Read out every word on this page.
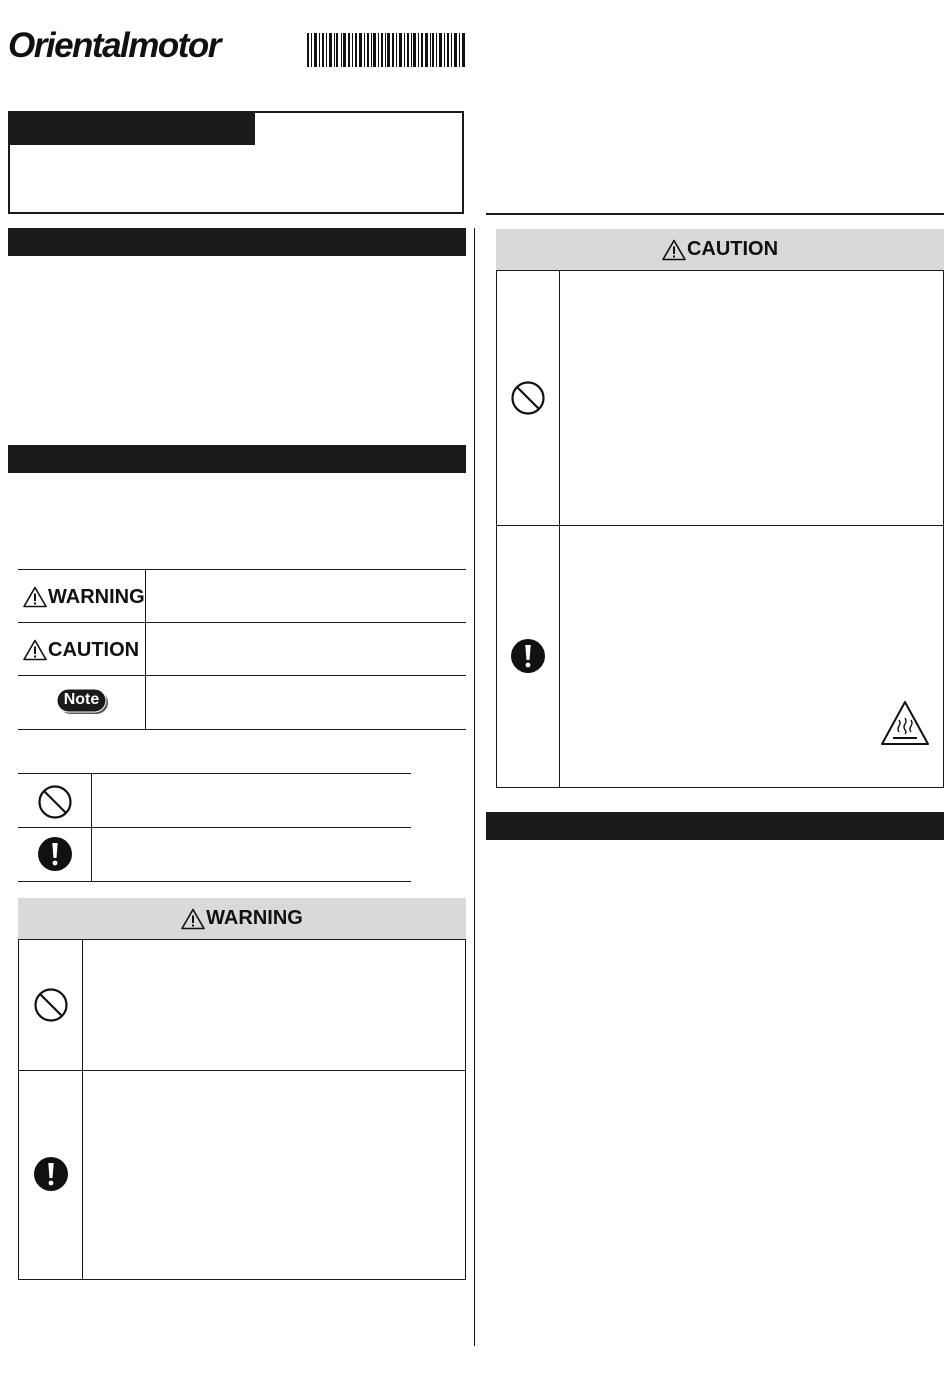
Orientalmotor
WARNING
CAUTION
Note
WARNING
CAUTION
